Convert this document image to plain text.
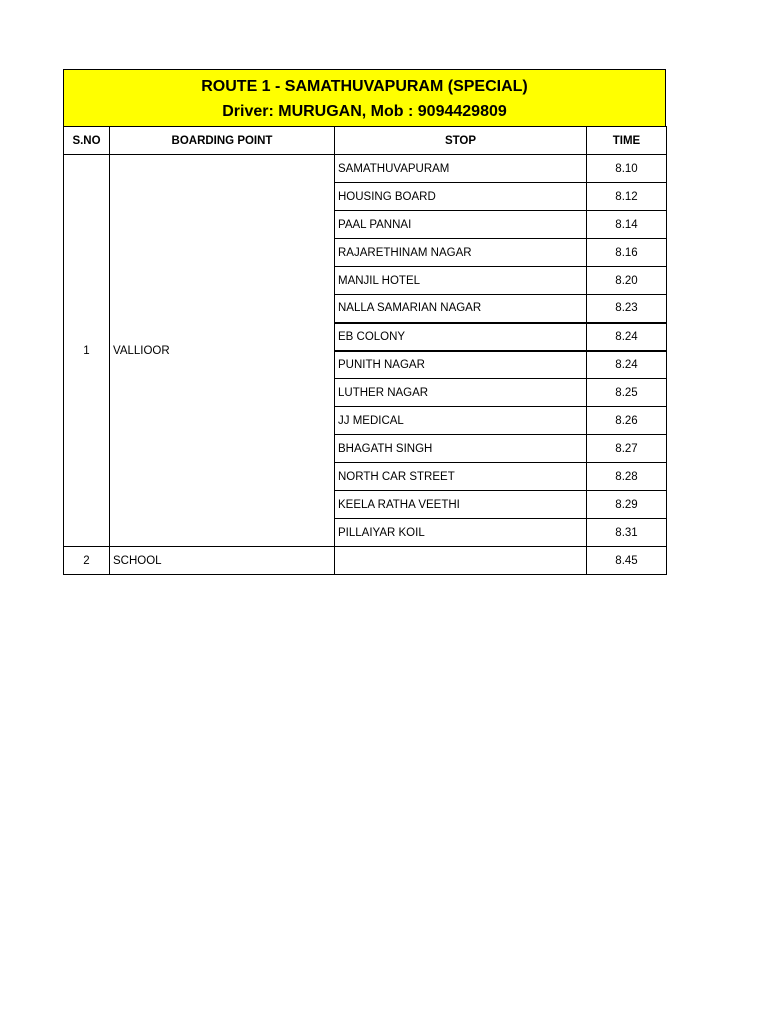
ROUTE 1 - SAMATHUVAPURAM (SPECIAL)
Driver: MURUGAN, Mob : 9094429809
S.NO	BOARDING POINT	STOP	TIME
1	VALLIOOR	SAMATHUVAPURAM	8.10
		HOUSING BOARD	8.12
		PAAL PANNAI	8.14
		RAJARETHINAM NAGAR	8.16
		MANJIL HOTEL	8.20
		NALLA SAMARIAN NAGAR	8.23
		EB COLONY	8.24
		PUNITH NAGAR	8.24
		LUTHER NAGAR	8.25
		JJ MEDICAL	8.26
		BHAGATH SINGH	8.27
		NORTH CAR STREET	8.28
		KEELA RATHA VEETHI	8.29
		PILLAIYAR KOIL	8.31
2	SCHOOL		8.45
